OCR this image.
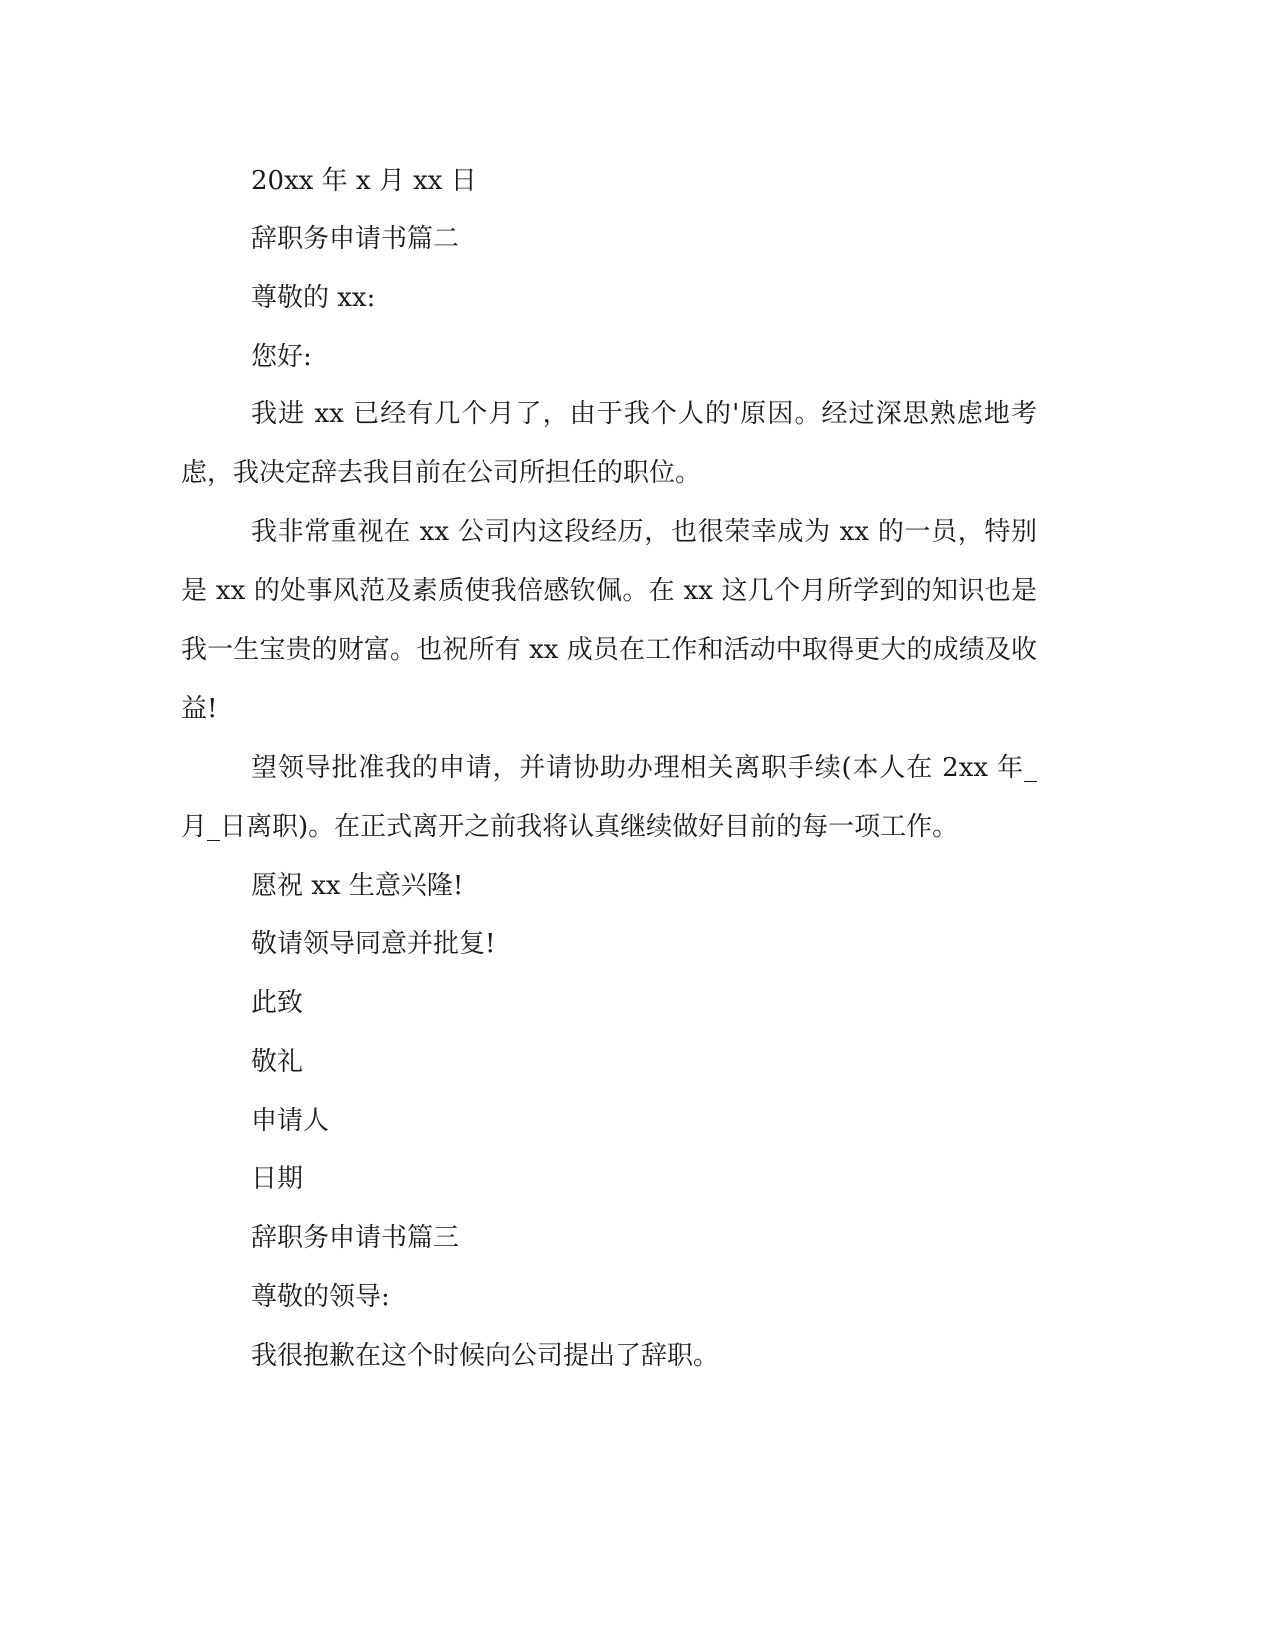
20xx 年 x 月 xx 日
辞职务申请书篇二
尊敬的 xx:
您好:

我进 xx 已经有几个月了，由于我个人的'原因。经过深思熟虑地考虑，我决定辞去我目前在公司所担任的职位。

我非常重视在 xx 公司内这段经历，也很荣幸成为 xx 的一员，特别是 xx 的处事风范及素质使我倍感钦佩。在 xx 这几个月所学到的知识也是我一生宝贵的财富。也祝所有 xx 成员在工作和活动中取得更大的成绩及收益!

望领导批准我的申请，并请协助办理相关离职手续(本人在 2xx 年_月_日离职)。在正式离开之前我将认真继续做好目前的每一项工作。

愿祝 xx 生意兴隆!
敬请领导同意并批复!
此致
敬礼
申请人
日期
辞职务申请书篇三
尊敬的领导:
我很抱歉在这个时候向公司提出了辞职。
